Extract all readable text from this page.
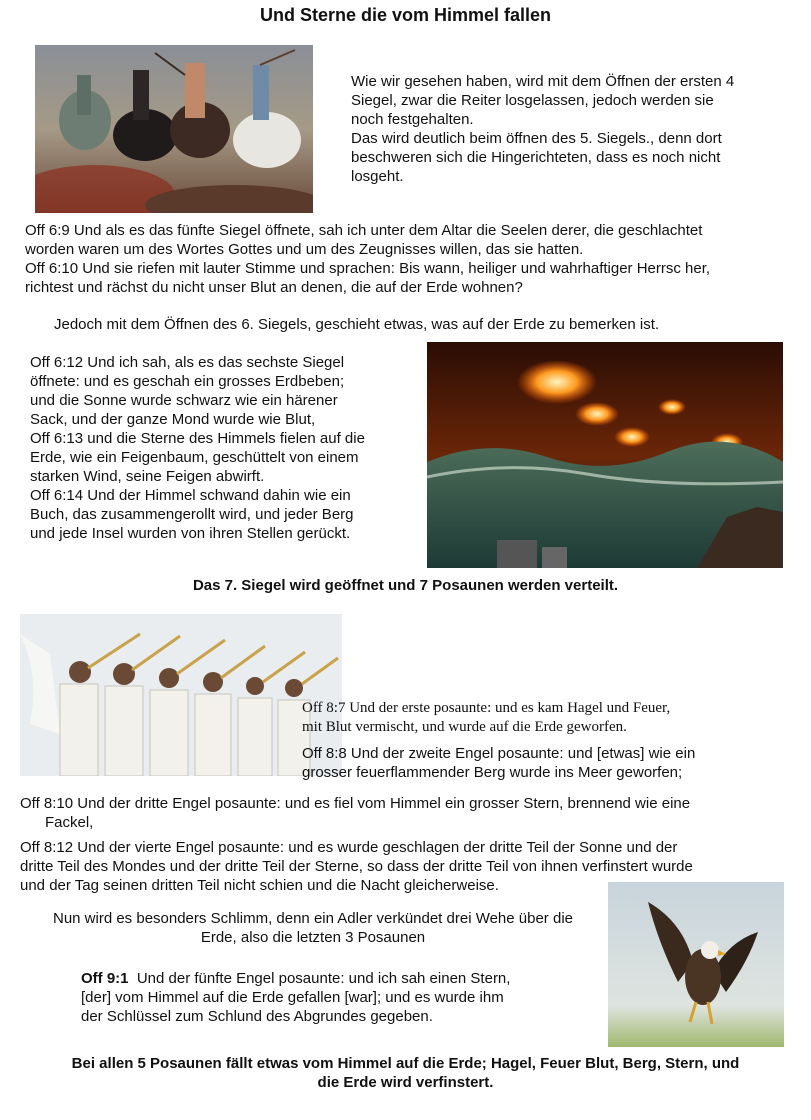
Und Sterne die vom Himmel fallen
Wie wir gesehen haben, wird mit dem Öffnen der ersten 4
Siegel, zwar die Reiter losgelassen, jedoch werden sie
noch festgehalten.
Das wird deutlich beim öffnen des 5. Siegels., denn dort
beschweren sich die Hingerichteten, dass es noch nicht
losgeht.
Off 6:9 Und als es das fünfte Siegel öffnete, sah ich unter dem Altar die Seelen derer, die geschlachtet
worden waren um des Wortes Gottes und um des Zeugnisses willen, das sie hatten.
Off 6:10 Und sie riefen mit lauter Stimme und sprachen: Bis wann, heiliger und wahrhaftiger Herrsc her,
richtest und rächst du nicht unser Blut an denen, die auf der Erde wohnen?
Jedoch mit dem Öffnen des 6. Siegels, geschieht etwas, was auf der Erde zu bemerken ist.
Off 6:12 Und ich sah, als es das sechste Siegel
öffnete: und es geschah ein grosses Erdbeben;
und die Sonne wurde schwarz wie ein härener
Sack, und der ganze Mond wurde wie Blut,
Off 6:13 und die Sterne des Himmels fielen auf die
Erde, wie ein Feigenbaum, geschüttelt von einem
starken Wind, seine Feigen abwirft.
Off 6:14 Und der Himmel schwand dahin wie ein
Buch, das zusammengerollt wird, und jeder Berg
und jede Insel wurden von ihren Stellen gerückt.
Das 7. Siegel wird geöffnet und 7 Posaunen werden verteilt.
Off 8:7 Und der erste posaunte: und es kam Hagel und Feuer,
mit Blut vermischt, und wurde auf die Erde geworfen.
Off 8:8 Und der zweite Engel posaunte: und [etwas] wie ein
grosser feuerflammender Berg wurde ins Meer geworfen;
Off 8:10 Und der dritte Engel posaunte: und es fiel vom Himmel ein grosser Stern, brennend wie eine
Fackel,
Off 8:12 Und der vierte Engel posaunte: und es wurde geschlagen der dritte Teil der Sonne und der
dritte Teil des Mondes und der dritte Teil der Sterne, so dass der dritte Teil von ihnen verfinstert wurde
und der Tag seinen dritten Teil nicht schien und die Nacht gleicherweise.
Nun wird es besonders Schlimm, denn ein Adler verkündet drei Wehe über die
Erde, also die letzten 3 Posaunen
Off 9:1  Und der fünfte Engel posaunte: und ich sah einen Stern,
[der] vom Himmel auf die Erde gefallen [war]; und es wurde ihm
der Schlüssel zum Schlund des Abgrundes gegeben.
Bei allen 5 Posaunen fällt etwas vom Himmel auf die Erde; Hagel, Feuer Blut, Berg, Stern, und
die Erde wird verfinstert.
